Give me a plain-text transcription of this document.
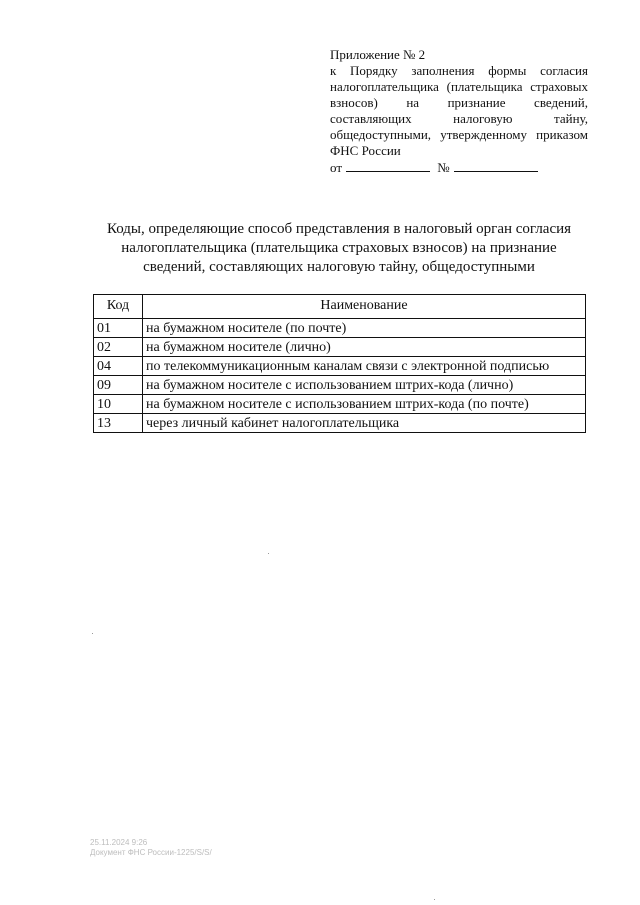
Приложение № 2
к Порядку заполнения формы согласия налогоплательщика (плательщика страховых взносов) на признание сведений, составляющих налоговую тайну, общедоступными, утвержденному приказом ФНС России
от	№
Коды, определяющие способ представления в налоговый орган согласия налогоплательщика (плательщика страховых взносов) на признание сведений, составляющих налоговую тайну, общедоступными
Код	Наименование
01	на бумажном носителе (по почте)
02	на бумажном носителе (лично)
04	по телекоммуникационным каналам связи с электронной подписью
09	на бумажном носителе с использованием штрих-кода (лично)
10	на бумажном носителе с использованием штрих-кода (по почте)
13	через личный кабинет налогоплательщика
25.11.2024 9:26
Документ ФНС России-1225/S/S/
